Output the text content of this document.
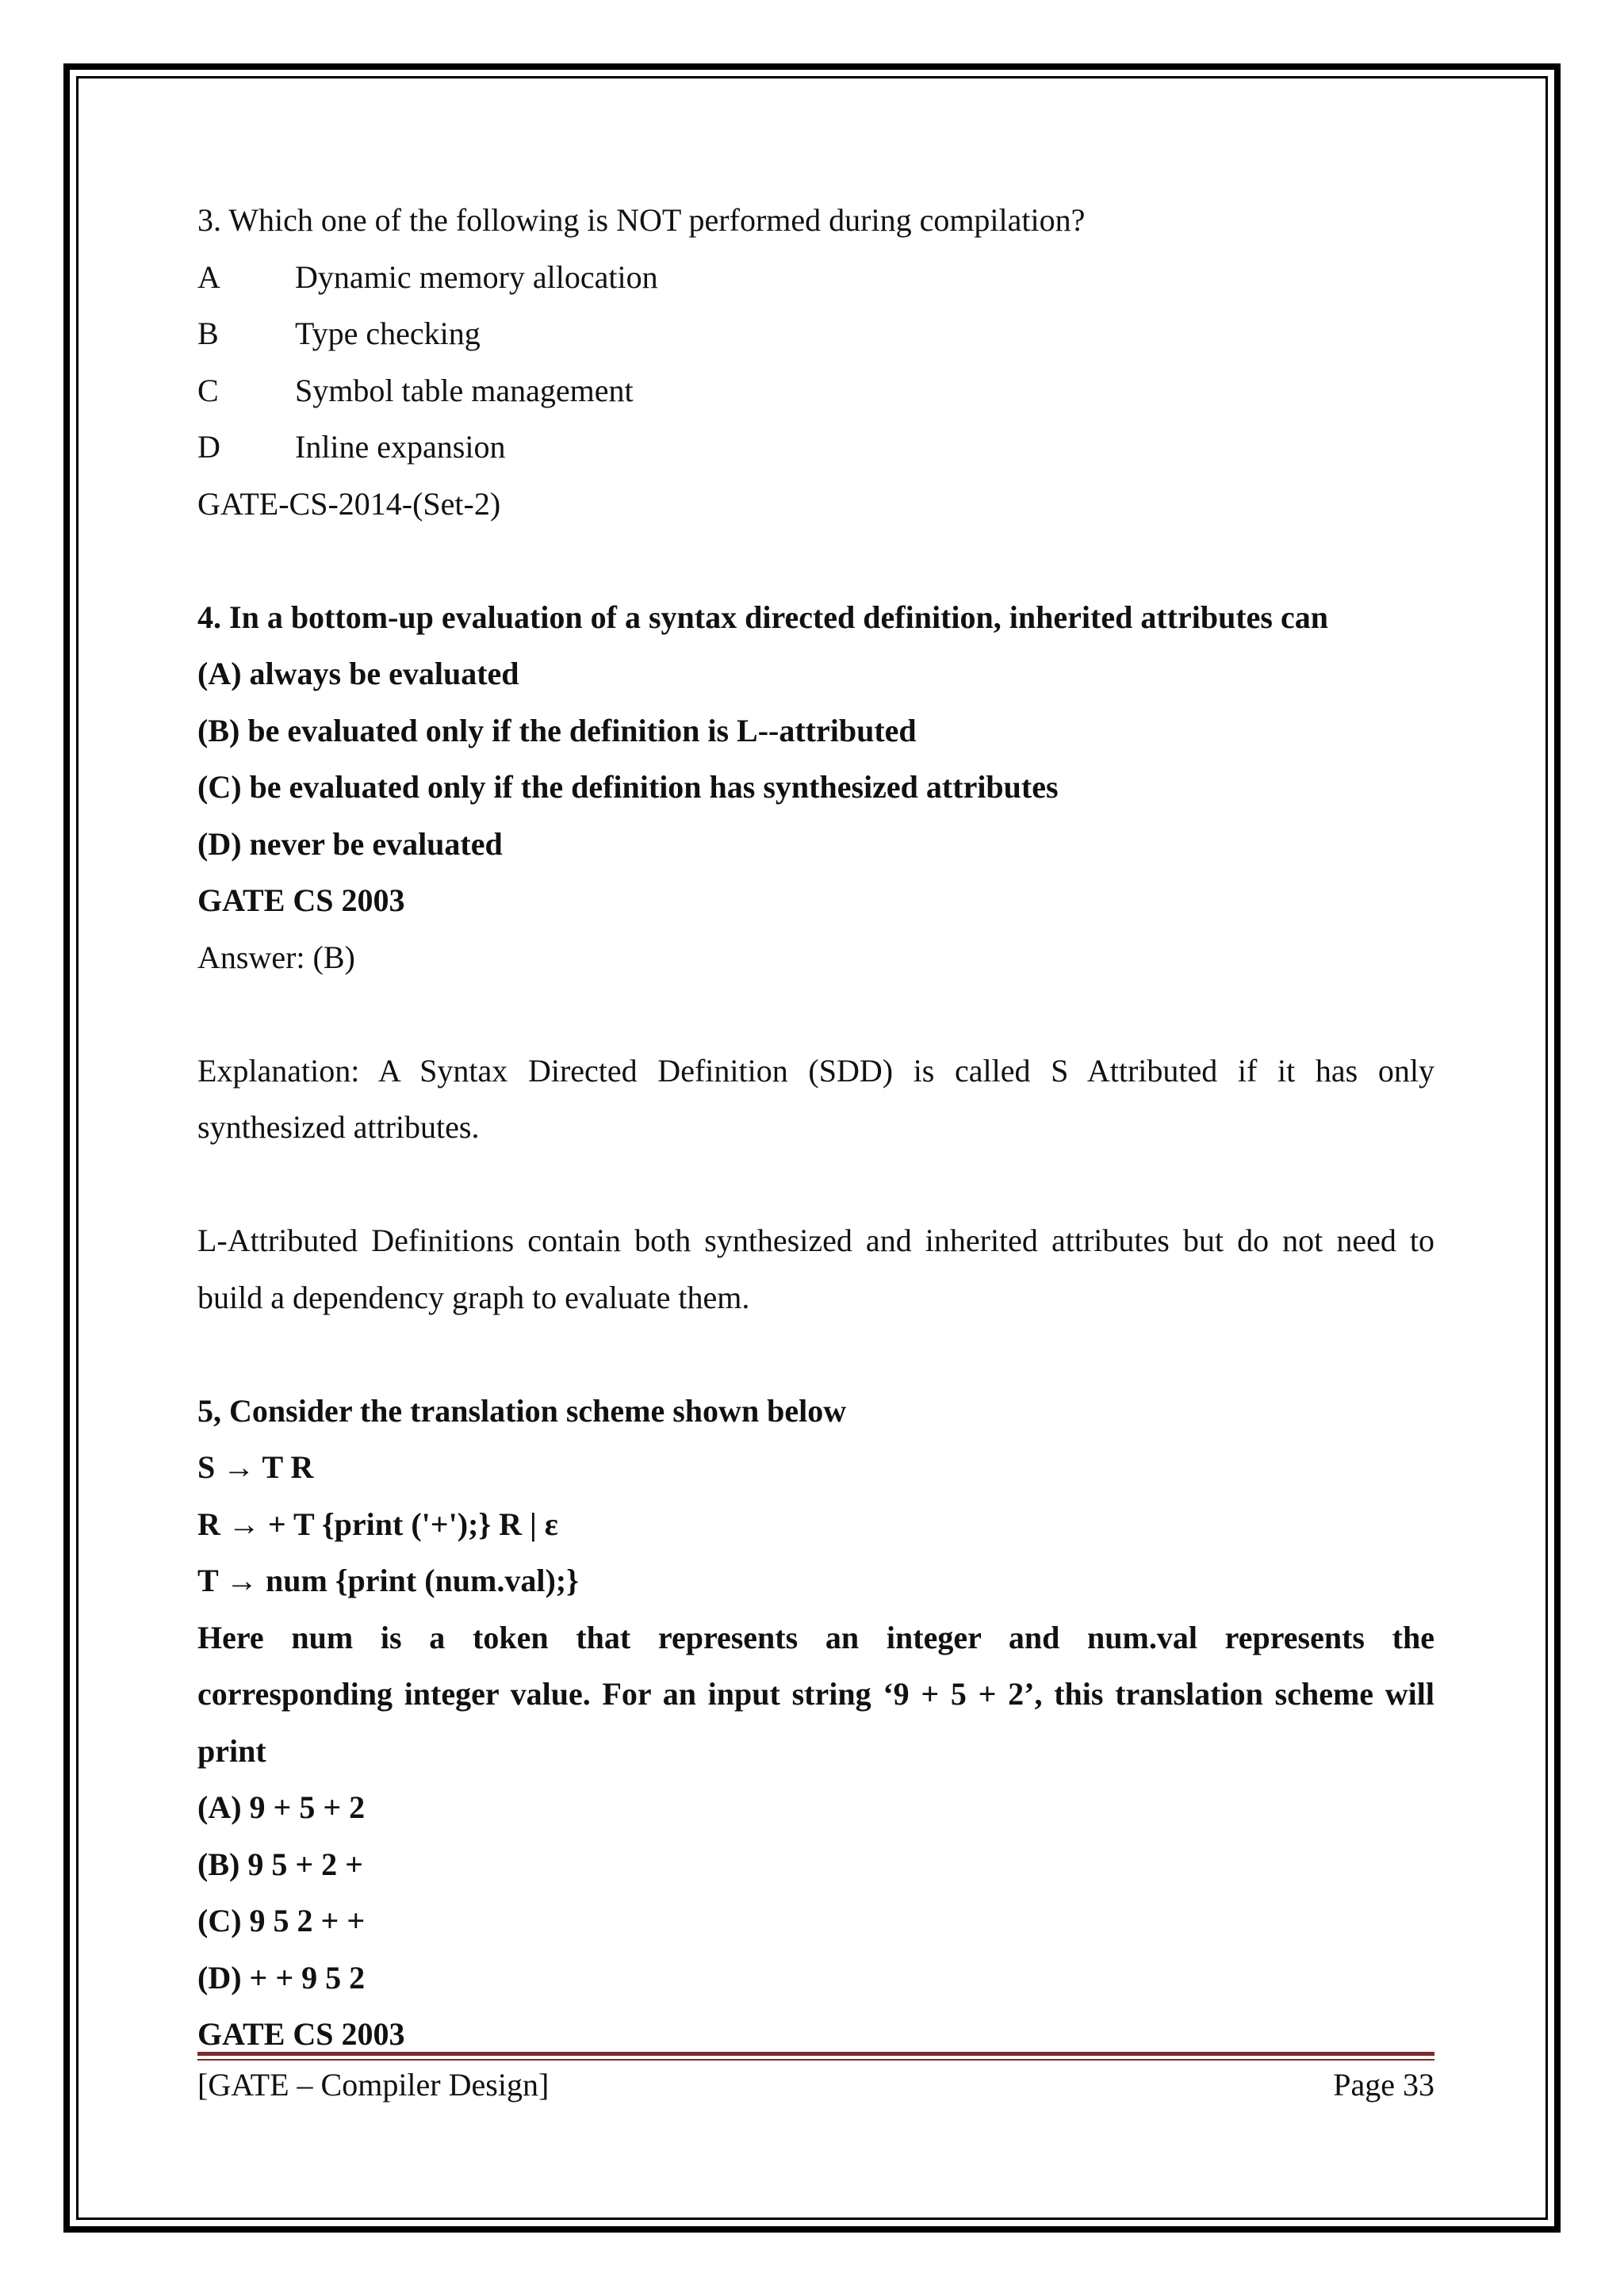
3. Which one of the following is NOT performed during compilation?
A Dynamic memory allocation
B Type checking
C Symbol table management
D Inline expansion
GATE-CS-2014-(Set-2)
4. In a bottom-up evaluation of a syntax directed definition, inherited attributes can
(A) always be evaluated
(B) be evaluated only if the definition is L--attributed
(C) be evaluated only if the definition has synthesized attributes
(D) never be evaluated
GATE CS 2003
Answer: (B)
Explanation: A Syntax Directed Definition (SDD) is called S Attributed if it has only
synthesized attributes.
L-Attributed Definitions contain both synthesized and inherited attributes but do not need to
build a dependency graph to evaluate them.
5, Consider the translation scheme shown below
S → T R
R → + T {print ('+');} R | ε
T → num {print (num.val);}
Here num is a token that represents an integer and num.val represents the
corresponding integer value. For an input string ‘9 + 5 + 2’, this translation scheme will
print
(A) 9 + 5 + 2
(B) 9 5 + 2 +
(C) 9 5 2 + +
(D) + + 9 5 2
GATE CS 2003
[GATE – Compiler Design]	Page 33
